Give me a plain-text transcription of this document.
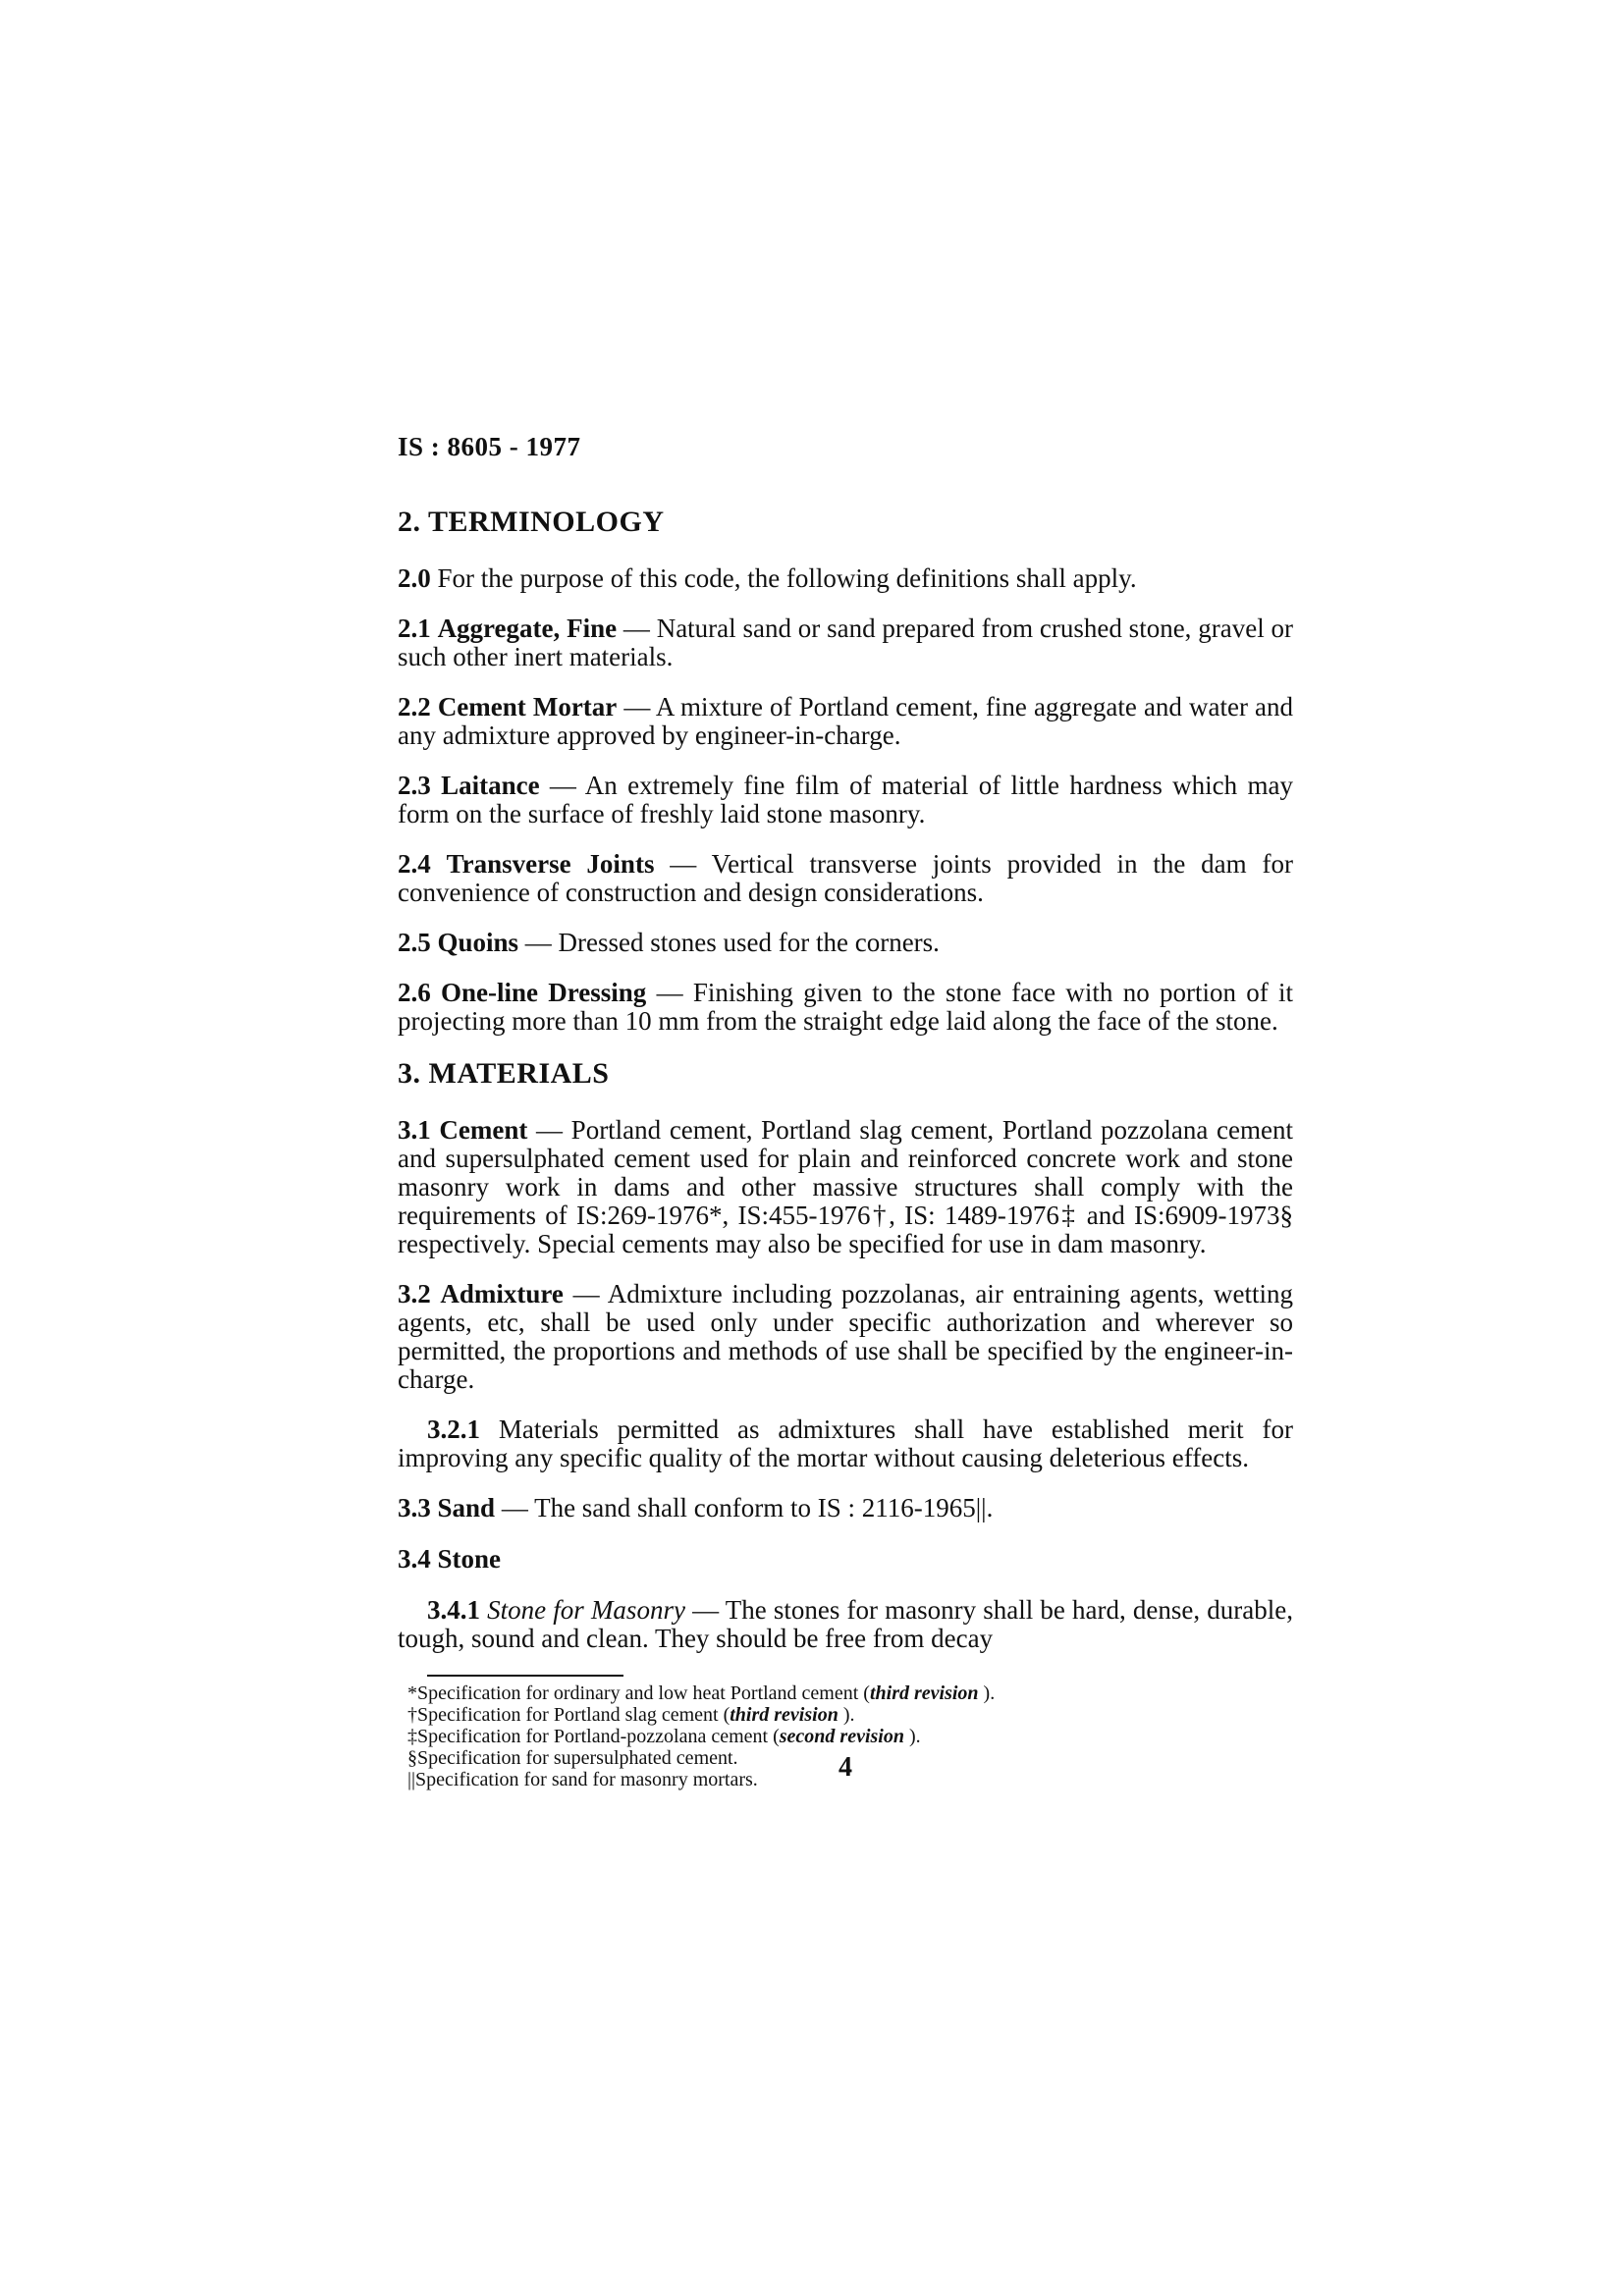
IS : 8605 - 1977
2. TERMINOLOGY

2.0 For the purpose of this code, the following definitions shall apply.

2.1 Aggregate, Fine — Natural sand or sand prepared from crushed stone, gravel or such other inert materials.

2.2 Cement Mortar — A mixture of Portland cement, fine aggregate and water and any admixture approved by engineer-in-charge.

2.3 Laitance — An extremely fine film of material of little hardness which may form on the surface of freshly laid stone masonry.

2.4 Transverse Joints — Vertical transverse joints provided in the dam for convenience of construction and design considerations.

2.5 Quoins — Dressed stones used for the corners.

2.6 One-line Dressing — Finishing given to the stone face with no portion of it projecting more than 10 mm from the straight edge laid along the face of the stone.

3. MATERIALS

3.1 Cement — Portland cement, Portland slag cement, Portland pozzolana cement and supersulphated cement used for plain and reinforced concrete work and stone masonry work in dams and other massive structures shall comply with the requirements of IS:269-1976*, IS:455-1976†, IS: 1489-1976‡ and IS:6909-1973§ respectively. Special cements may also be specified for use in dam masonry.

3.2 Admixture — Admixture including pozzolanas, air entraining agents, wetting agents, etc, shall be used only under specific authorization and wherever so permitted, the proportions and methods of use shall be specified by the engineer-in-charge.

3.2.1 Materials permitted as admixtures shall have established merit for improving any specific quality of the mortar without causing deleterious effects.

3.3 Sand — The sand shall conform to IS : 2116-1965||.

3.4 Stone

3.4.1 Stone for Masonry — The stones for masonry shall be hard, dense, durable, tough, sound and clean. They should be free from decay

*Specification for ordinary and low heat Portland cement (third revision ).

†Specification for Portland slag cement (third revision ).

‡Specification for Portland-pozzolana cement (second revision ).

§Specification for supersulphated cement.

||Specification for sand for masonry mortars.	4
